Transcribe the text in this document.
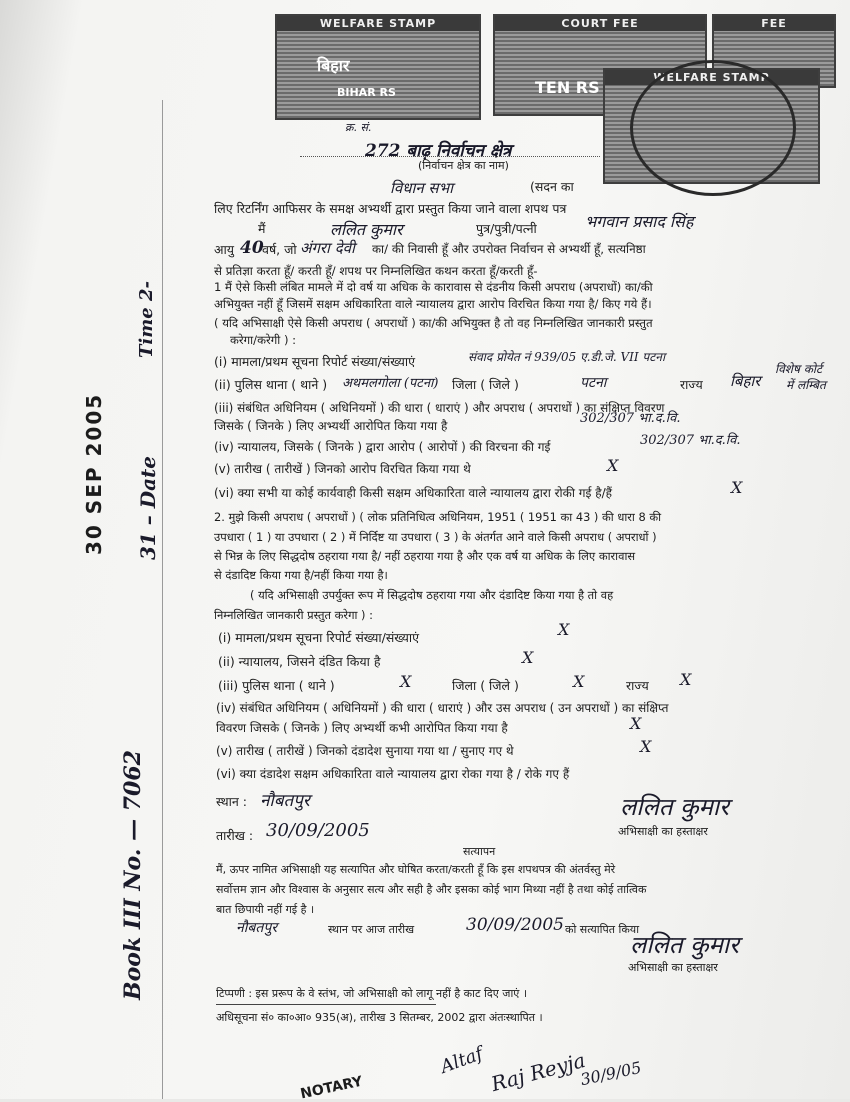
WELFARE STAMP
बिहार
BIHAR RS
COURT FEE
TEN RS
FEE
WELFARE STAMP
क्र. सं.
272 बाढ़ निर्वाचन क्षेत्र
(निर्वाचन क्षेत्र का नाम)
विधान सभा	(सदन का
लिए रिटर्निंग आफिसर के समक्ष अभ्यर्थी द्वारा प्रस्तुत किया जाने वाला शपथ पत्र
मैं	ललित कुमार	पुत्र/पुत्री/पत्नी	भगवान प्रसाद सिंह
आयु 40
वर्ष, जो अंगरा देवी का/ की निवासी हूँ और उपरोक्त निर्वाचन से अभ्यर्थी हूँ, सत्यनिष्ठा
से प्रतिज्ञा करता हूँ/ करती हूँ/ शपथ पर निम्नलिखित कथन करता हूँ/करती हूँ-
1 मैं ऐसे किसी लंबित मामले में दो वर्ष या अधिक के कारावास से दंडनीय किसी अपराध (अपराधों) का/की
अभियुक्त नहीं हूँ जिसमें सक्षम अधिकारिता वाले न्यायालय द्वारा आरोप विरचित किया गया है/ किए गये हैं।
( यदि अभिसाक्षी ऐसे किसी अपराध ( अपराधों ) का/की अभियुक्त है तो वह निम्नलिखित जानकारी प्रस्तुत
करेगा/करेगी ) :
(i) मामला/प्रथम सूचना रिपोर्ट संख्या/संख्याएं	संवाद प्रोयेत नं 939/05 ए.डी.जे. VII पटना
विशेष कोर्ट
में लम्बित
(ii) पुलिस थाना ( थाने ) अथमलगोला (पटना) जिला ( जिले )	पटना	राज्य बिहार
(iii) संबंधित अधिनियम ( अधिनियमों ) की धारा ( धाराएं ) और अपराध ( अपराधों ) का संक्षिप्त विवरण
जिसके ( जिनके ) लिए अभ्यर्थी आरोपित किया गया है	302/307 भा.द.वि.
(iv) न्यायालय, जिसके ( जिनके ) द्वारा आरोप ( आरोपों ) की विरचना की गई	302/307 भा.द.वि.
(v) तारीख ( तारीखें ) जिनको आरोप विरचित किया गया थे	X
(vi) क्या सभी या कोई कार्यवाही किसी सक्षम अधिकारिता वाले न्यायालय द्वारा रोकी गई है/हैं	X
2. मुझे किसी अपराध ( अपराधों ) ( लोक प्रतिनिधित्व अधिनियम, 1951 ( 1951 का 43 ) की धारा 8 की
उपधारा ( 1 ) या उपधारा ( 2 ) में निर्दिष्ट या उपधारा ( 3 ) के अंतर्गत आने वाले किसी अपराध ( अपराधों )
से भिन्न के लिए सिद्धदोष ठहराया गया है/ नहीं ठहराया गया है और एक वर्ष या अधिक के लिए कारावास
से दंडादिष्ट किया गया है/नहीं किया गया है।
( यदि अभिसाक्षी उपर्युक्त रूप में सिद्धदोष ठहराया गया और दंडादिष्ट किया गया है तो वह
निम्नलिखित जानकारी प्रस्तुत करेगा ) :
(i) मामला/प्रथम सूचना रिपोर्ट संख्या/संख्याएं	X
(ii) न्यायालय, जिसने दंडित किया है	X
(iii) पुलिस थाना ( थाने )	X	जिला ( जिले )	X	राज्य X
(iv) संबंधित अधिनियम ( अधिनियमों ) की धारा ( धाराएं ) और उस अपराध ( उन अपराधों ) का संक्षिप्त
विवरण जिसके ( जिनके ) लिए अभ्यर्थी कभी आरोपित किया गया है	X
(v) तारीख ( तारीखें ) जिनको दंडादेश सुनाया गया था / सुनाए गए थे	X
(vi) क्या दंडादेश सक्षम अधिकारिता वाले न्यायालय द्वारा रोका गया है / रोके गए हैं
स्थान : नौबतपुर	ललित कुमार
अभिसाक्षी का हस्ताक्षर
तारीख : 30/09/2005
सत्यापन
मैं, ऊपर नामित अभिसाक्षी यह सत्यापित और घोषित करता/करती हूँ कि इस शपथपत्र की अंतर्वस्तु मेरे
सर्वोत्तम ज्ञान और विश्वास के अनुसार सत्य और सही है और इसका कोई भाग मिथ्या नहीं है तथा कोई तात्विक
बात छिपायी नहीं गई है ।
नौबतपुर	स्थान पर आज तारीख	30/09/2005 को सत्यापित किया
ललित कुमार
अभिसाक्षी का हस्ताक्षर
टिप्पणी : इस प्ररूप के वे स्तंभ, जो अभिसाक्षी को लागू नहीं है काट दिए जाएं ।
अधिसूचना सं० का०आ० 935(अ), तारीख 3 सितम्बर, 2002 द्वारा अंतःस्थापित ।
30 SEP 2005 31 – Date
Time 2-
Book III No. — 7062
NOTARY
Altaf Raj Reyja
30/9/05
